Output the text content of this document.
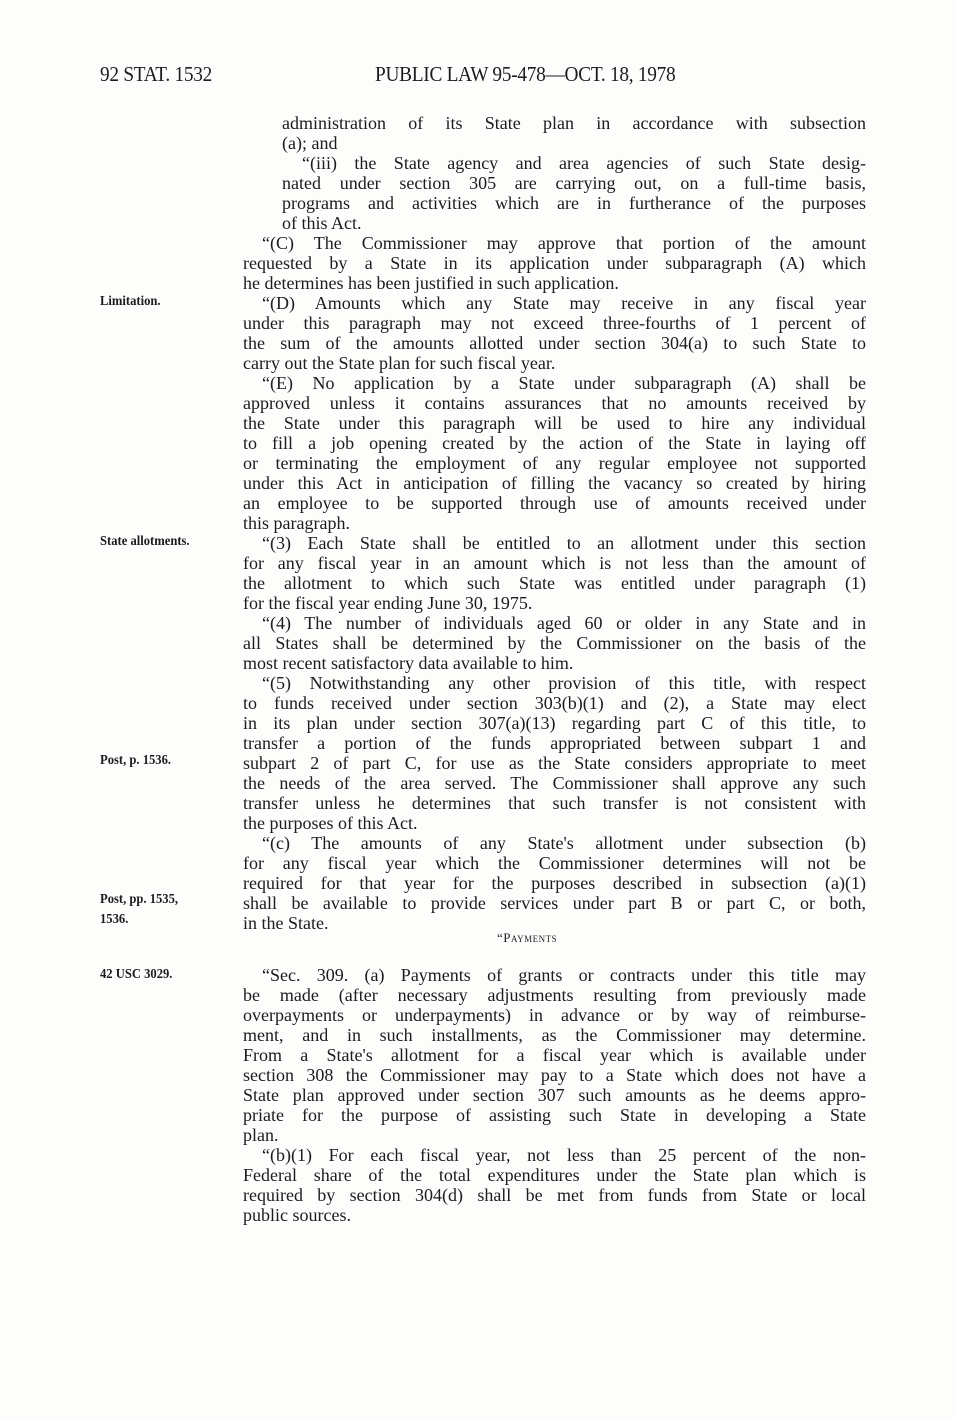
92 STAT. 1532	PUBLIC LAW 95-478—OCT. 18, 1978
administration of its State plan in accordance with subsection
(a); and
“(iii) the State agency and area agencies of such State desig-
nated under section 305 are carrying out, on a full-time basis,
programs and activities which are in furtherance of the purposes
of this Act.
“(C) The Commissioner may approve that portion of the amount
requested by a State in its application under subparagraph (A) which
he determines has been justified in such application.
“(D) Amounts which any State may receive in any fiscal year
under this paragraph may not exceed three-fourths of 1 percent of
the sum of the amounts allotted under section 304(a) to such State to
carry out the State plan for such fiscal year.
“(E) No application by a State under subparagraph (A) shall be
approved unless it contains assurances that no amounts received by
the State under this paragraph will be used to hire any individual
to fill a job opening created by the action of the State in laying off
or terminating the employment of any regular employee not supported
under this Act in anticipation of filling the vacancy so created by hiring
an employee to be supported through use of amounts received under
this paragraph.
“(3) Each State shall be entitled to an allotment under this section
for any fiscal year in an amount which is not less than the amount of
the allotment to which such State was entitled under paragraph (1)
for the fiscal year ending June 30, 1975.
“(4) The number of individuals aged 60 or older in any State and in
all States shall be determined by the Commissioner on the basis of the
most recent satisfactory data available to him.
“(5) Notwithstanding any other provision of this title, with respect
to funds received under section 303(b)(1) and (2), a State may elect
in its plan under section 307(a)(13) regarding part C of this title, to
transfer a portion of the funds appropriated between subpart 1 and
subpart 2 of part C, for use as the State considers appropriate to meet
the needs of the area served. The Commissioner shall approve any such
transfer unless he determines that such transfer is not consistent with
the purposes of this Act.
“(c) The amounts of any State's allotment under subsection (b)
for any fiscal year which the Commissioner determines will not be
required for that year for the purposes described in subsection (a)(1)
shall be available to provide services under part B or part C, or both,
in the State.
“Sec. 309. (a) Payments of grants or contracts under this title may
be made (after necessary adjustments resulting from previously made
overpayments or underpayments) in advance or by way of reimburse-
ment, and in such installments, as the Commissioner may determine.
From a State's allotment for a fiscal year which is available under
section 308 the Commissioner may pay to a State which does not have a
State plan approved under section 307 such amounts as he deems appro-
priate for the purpose of assisting such State in developing a State
plan.
“(b)(1) For each fiscal year, not less than 25 percent of the non-
Federal share of the total expenditures under the State plan which is
required by section 304(d) shall be met from funds from State or local
public sources.
“Payments
Limitation.
State allotments.
Post, p. 1536.
Post, pp. 1535, 1536.
42 USC 3029.
